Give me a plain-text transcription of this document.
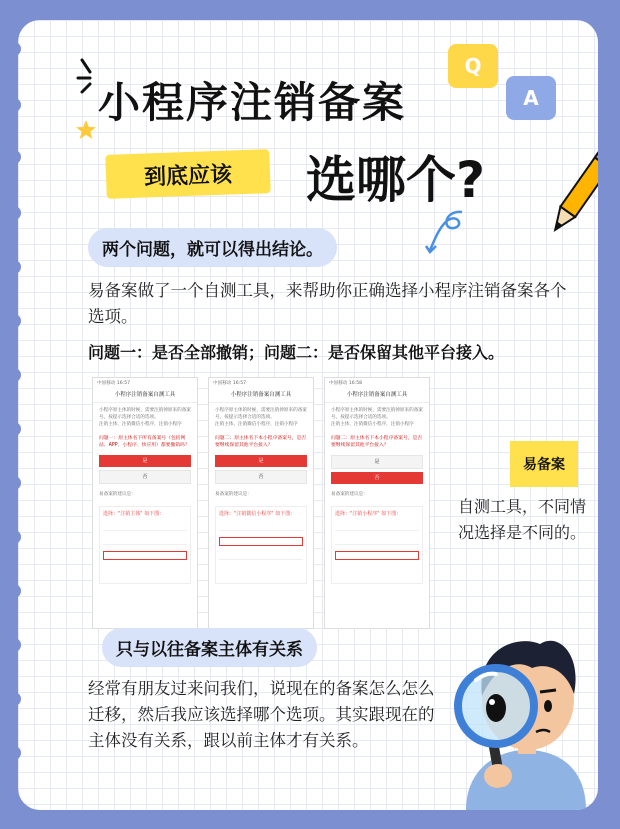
小程序注销备案
Q
A
到底应该	选哪个?
两个问题，就可以得出结论。
易备案做了一个自测工具，来帮助你正确选择小程序注销备案各个选项。
问题一：是否全部撤销；问题二：是否保留其他平台接入。
中国移动 16:57
小程序注销备案自测工具
小程序原主体的时候，需要注销掉原来的备案号。按提示选择合适的选项。
注销主体，注销微信小程序，注销小程序
问题一：原主体名下所有备案号（包括网站、APP、小程序、快应用）都要撤销吗？
是
否
易备案的建议是：
选择："注销主体" 如下图：
中国移动 16:57
小程序注销备案自测工具
小程序原主体的时候，需要注销掉原来的备案号。按提示选择合适的选项。
注销主体，注销微信小程序，注销小程序
问题二：原主体名下本小程序备案号，是否要继续保留其他平台接入？
是
否
易备案的建议是：
选择："注销微信小程序" 如下图：
中国移动 16:58
小程序注销备案自测工具
小程序原主体的时候，需要注销掉原来的备案号。按提示选择合适的选项。
注销主体，注销微信小程序，注销小程序
问题二：原主体名下本小程序备案号，是否要继续保留其他平台接入？
是
否
易备案的建议是：
选择："注销小程序" 如下图：
易备案
自测工具，不同情况选择是不同的。
只与以往备案主体有关系
经常有朋友过来问我们，说现在的备案怎么怎么迁移，然后我应该选择哪个选项。其实跟现在的主体没有关系，跟以前主体才有关系。
